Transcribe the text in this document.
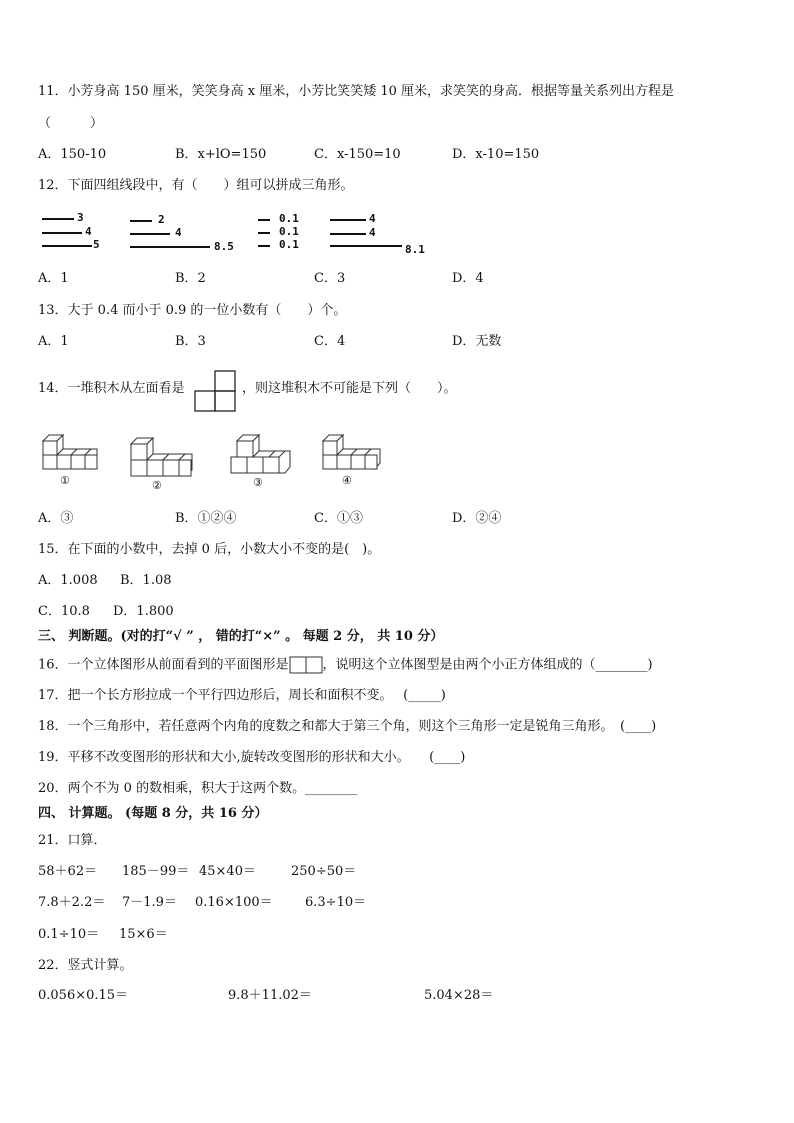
11．小芳身高 150 厘米，笑笑身高 x 厘米，小芳比笑笑矮 10 厘米，求笑笑的身高．根据等量关系列出方程是
（　　　）
A．150-10	B．x+lO=150	C．x-150=10	D．x-10=150
12．下面四组线段中，有（　　）组可以拼成三角形。
3
4
5
2
4
8.5
0.1
0.1
0.1
4
4
8.1
A．1	B．2	C．3	D．4
13．大于 0.4 而小于 0.9 的一位小数有（　　）个。
A．1	B．3	C．4	D．无数
14．一堆积木从左面看是	，则这堆积木不可能是下列（　　）。
①	②	③	④
A．③	B．①②④	C．①③	D．②④
15．在下面的小数中，去掉 0 后，小数大小不变的是(　)。
A．1.008 B．1.08
C．10.8 D．1.800
三、 判断题。(对的打“√ ” ， 错的打“×” 。 每题 2 分， 共 10 分）
16．一个立体图形从前面看到的平面图形是	，说明这个立体图型是由两个小正方体组成的（________)
17．把一个长方形拉成一个平行四边形后，周长和面积不变。　 (_____)
18．一个三角形中，若任意两个内角的度数之和都大于第三个角，则这个三角形一定是锐角三角形。　(____)
19．平移不改变图形的形状和大小,旋转改变图形的形状和大小。　　(____)
20．两个不为 0 的数相乘，积大于这两个数。________
四、 计算题。 (每题 8 分，共 16 分）
21．口算．
58＋62＝ 185－99＝ 45×40＝	250÷50＝
7.8＋2.2＝ 7－1.9＝ 0.16×100＝ 6.3÷10＝
0.1÷10＝ 15×6＝
22．竖式计算。
0.056×0.15＝	9.8＋11.02＝	5.04×28＝
